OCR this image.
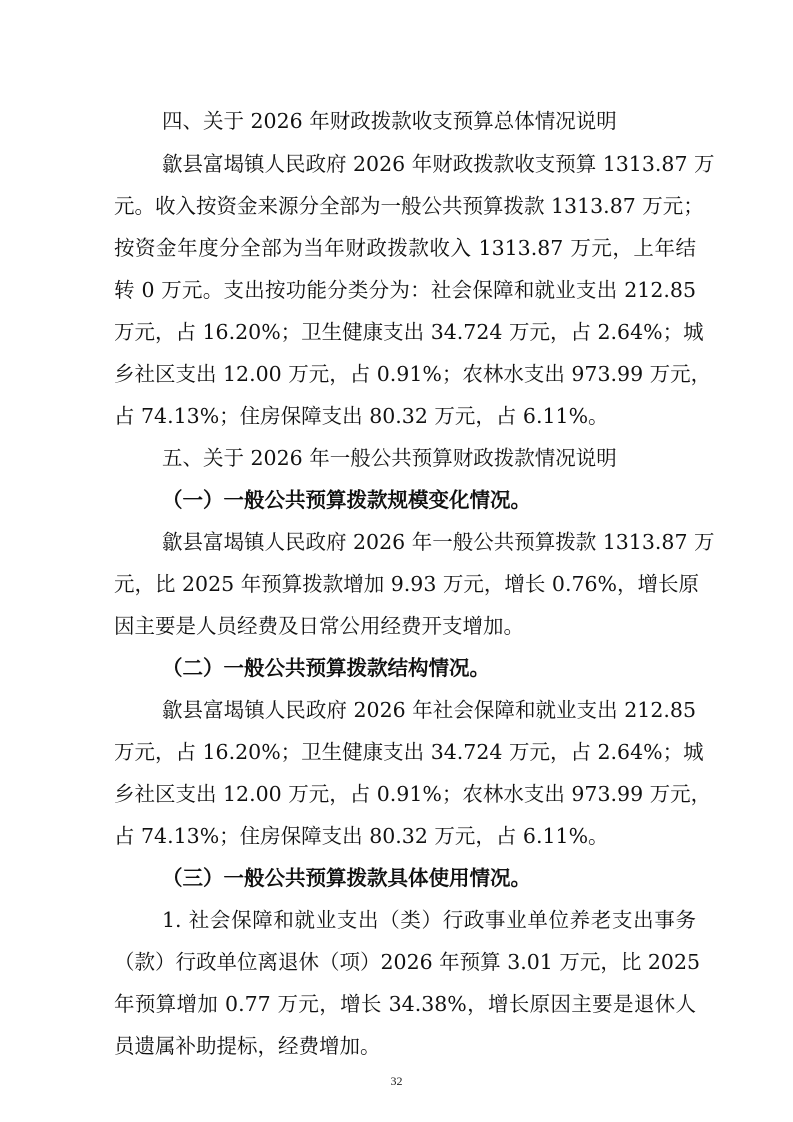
四、关于 2026 年财政拨款收支预算总体情况说明
歙县富堨镇人民政府 2026 年财政拨款收支预算 1313.87 万
元。收入按资金来源分全部为一般公共预算拨款 1313.87 万元；
按资金年度分全部为当年财政拨款收入 1313.87 万元，上年结
转 0 万元。支出按功能分类分为：社会保障和就业支出 212.85
万元，占 16.20%；卫生健康支出 34.724 万元，占 2.64%；城
乡社区支出 12.00 万元，占 0.91%；农林水支出 973.99 万元，
占 74.13%；住房保障支出 80.32 万元，占 6.11%。
五、关于 2026 年一般公共预算财政拨款情况说明
（一）一般公共预算拨款规模变化情况。
歙县富堨镇人民政府 2026 年一般公共预算拨款 1313.87 万
元，比 2025 年预算拨款增加 9.93 万元，增长 0.76%，增长原
因主要是人员经费及日常公用经费开支增加。
（二）一般公共预算拨款结构情况。
歙县富堨镇人民政府 2026 年社会保障和就业支出 212.85
万元，占 16.20%；卫生健康支出 34.724 万元，占 2.64%；城
乡社区支出 12.00 万元，占 0.91%；农林水支出 973.99 万元，
占 74.13%；住房保障支出 80.32 万元，占 6.11%。
（三）一般公共预算拨款具体使用情况。
1. 社会保障和就业支出（类）行政事业单位养老支出事务
（款）行政单位离退休（项）2026 年预算 3.01 万元，比 2025
年预算增加 0.77 万元，增长 34.38%，增长原因主要是退休人
员遗属补助提标，经费增加。
32
